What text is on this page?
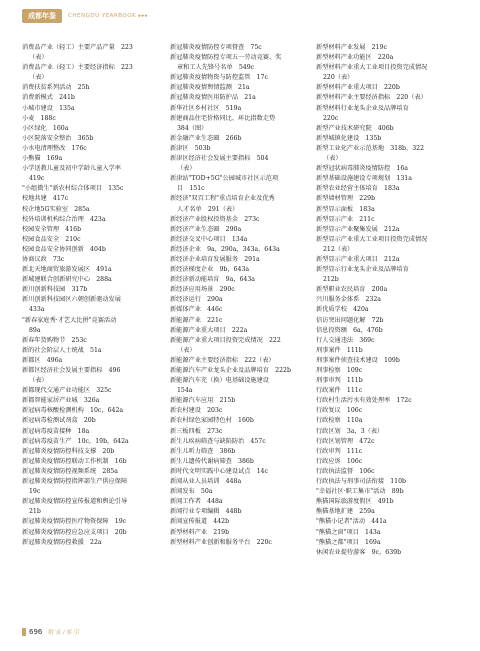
成都年鉴	CHENGDU YEARBOOK ▸▸▸
消费品产业（轻工）主要产品产量　223
（表）
消费品产业（轻工）主要经济指标　223
（表）
消费扶贫系列活动　25h
消费新模式　241b
小城市建设　135a
小麦　188c
小区绿化　160a
小区院落安全整治　365b
小水电清理整改　176c
小熊猫　169a
小学送教儿童及初中学龄儿童入学率
419c
"小组微生"新农村综合体项目　135c
校地共建　417c
校企地5G实验室　285a
校外培训机构综合治理　423a
校园安全管理　416b
校园食品安全　210c
校园食品安全协同创新　404b
协商议政　73c
新北天地商贸旅游发展区　491a
新城建联合创新研究中心　288a
新川创新科技园　317b
新川创新科技园区六朝创新驱动发展
433a
"新春家庭秀·才艺大比拼"竞赛活动
89a
新春年货购物节　253c
新的社会阶层人士统战　51a
新都区　496a
新都区经济社会发展主要指标　496
（表）
新都现代交通产业功能区　325c
新都智能家居产业城　326a
新冠病毒核酸检测机构　10c，642a
新冠病毒检测试剂盒　20b
新冠病毒疫苗接种　18a
新冠病毒疫苗生产　10c，19b，642a
新冠肺炎疫情防控科技支撑　20b
新冠肺炎疫情防控联动工作机制　16b
新冠肺炎疫情防控视频系统　285a
新冠肺炎疫情防控指挥部生产供应保障
19c
新冠肺炎疫情防控宣传报道和舆论引导
21b
新冠肺炎疫情防控医疗物资保障　19c
新冠肺炎疫情防控应急应支项目　20b
新冠肺炎疫情防控救援　22a
新冠肺炎疫情防控专项督查　75c
新冠肺炎疫情防控专项五一劳动竞赛、奖
章和工人先锋号名单　549c
新冠肺炎疫情物资与防控监管　17c
新冠肺炎疫情舆情监测　21a
新冠肺炎疫情医用防护品　21a
新华社区乡村社区　519a
新建商品住宅价格同比、环比指数走势
384（图）
新金融产业生态圈　266b
新津区　503b
新津区经济社会发展主要指标　504
（表）
新津站"TOD+5G"公园城市社区示范项
目　151c
新经济"双百工程"重点培育企业及优秀
人才名单　291（表）
新经济产业股权投资基金　273c
新经济产业生态圈　290a
新经济交叉中心项目　134a
新经济企业　9a，290a，343a，643a
新经济企业培育发展服务　291a
新经济梯度企业　9b，643a
新经济新动能培育　9a，643a
新经济应用场景　290c
新经济运行　290a
新媒体产业　446c
新能源产业　221c
新能源产业重大项目　222a
新能源产业重大项目投资完成情况　222
（表）
新能源产业主要经济指标　222（表）
新能源汽车产业龙头企业及品牌培育　222b
新能源汽车充（换）电基础设施建设
154a
新能源汽车应用　215b
新农村建设　203c
新农村绿色家园特色村　160b
新三板四板　273c
新生儿疾病筛查与缺陷防治　457c
新生儿听力筛查　386b
新生儿遗传代谢病筛查　386b
新时代文明实践中心建设试点　14c
新闻从业人员培训　448a
新闻发布　50a
新闻工作者　448a
新闻行业专项编辑　448b
新闻宣传报道　442b
新型材料产业　219b
新型材料产业创新和服务平台　220c
新型材料产业发展　219c
新型材料产业功能区　220a
新型材料产业重大工业项目投资完成情况
220（表）
新型材料产业重大项目　220b
新型材料产业主要经济指标　220（表）
新型材料行业龙头企业及品牌培育
220c
新型产业技术研究院　406b
新型城镇化建设　135b
新型工业化产业示范基地　318b，322
（表）
新型冠状病毒肺炎疫情防控　16a
新型基础设施建设专项规划　131a
新型农业经营主体培育　183a
新型墙材管理　229b
新型显示面板　183a
新型显示产业　211c
新型显示产业聚集发展　212a
新型显示产业重大工业项目投资完成情况
212（表）
新型显示产业重大项目　212a
新型显示行业龙头企业及品牌培育
212b
新型职业农民培育　200a
兴川服务金体系　232a
新优质学校　420a
信访突出问题化解　72b
信息投资额　6a，476b
行人交通违法　369c
刑事案件　111b
刑事案件侦查技术建设　109b
刑事检察　109c
刑事审判　111b
行政案件　111c
行政村生活污水有效处理率　172c
行政复议　106c
行政检察　110a
行政区划　3a，3（表）
行政区划管理　472c
行政审判　111c
行政应诉　106c
行政执法监督　106c
行政执法与刑事司法衔接　110b
"幸福社区·职工集市"活动　89b
熊猫国际旅游度假区　491b
熊猫基地扩建　259a
"熊猫小记者"活动　441a
"熊猫之窗"项目　143a
"熊猫之都"项目　169a
休闲农业提待游客　9c，639b
696 附 录 / 索 引
